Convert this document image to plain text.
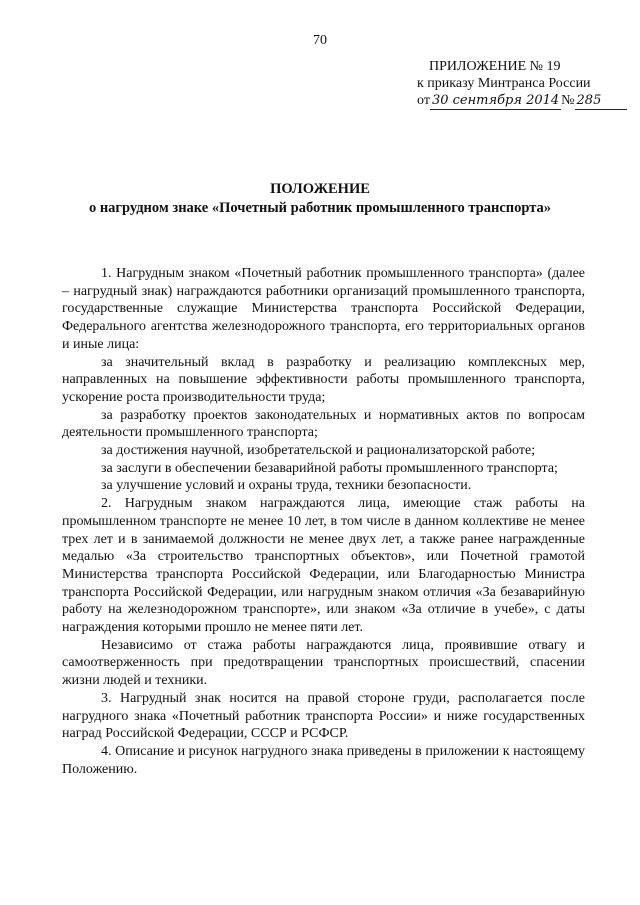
70
ПРИЛОЖЕНИЕ № 19
к приказу Минтранса России
от 30 сентября 2014 № 285
ПОЛОЖЕНИЕ
о нагрудном знаке «Почетный работник промышленного транспорта»

1. Нагрудным знаком «Почетный работник промышленного транспорта» (далее – нагрудный знак) награждаются работники организаций промышленного транспорта, государственные служащие Министерства транспорта Российской Федерации, Федерального агентства железнодорожного транспорта, его территориальных органов и иные лица:

за значительный вклад в разработку и реализацию комплексных мер, направленных на повышение эффективности работы промышленного транспорта, ускорение роста производительности труда;

за разработку проектов законодательных и нормативных актов по вопросам деятельности промышленного транспорта;

за достижения научной, изобретательской и рационализаторской работе;

за заслуги в обеспечении безаварийной работы промышленного транспорта;

за улучшение условий и охраны труда, техники безопасности.

2. Нагрудным знаком награждаются лица, имеющие стаж работы на промышленном транспорте не менее 10 лет, в том числе в данном коллективе не менее трех лет и в занимаемой должности не менее двух лет, а также ранее награжденные медалью «За строительство транспортных объектов», или Почетной грамотой Министерства транспорта Российской Федерации, или Благодарностью Министра транспорта Российской Федерации, или нагрудным знаком отличия «За безаварийную работу на железнодорожном транспорте», или знаком «За отличие в учебе», с даты награждения которыми прошло не менее пяти лет.

Независимо от стажа работы награждаются лица, проявившие отвагу и самоотверженность при предотвращении транспортных происшествий, спасении жизни людей и техники.

3. Нагрудный знак носится на правой стороне груди, располагается после нагрудного знака «Почетный работник транспорта России» и ниже государственных наград Российской Федерации, СССР и РСФСР.

4. Описание и рисунок нагрудного знака приведены в приложении к настоящему Положению.
